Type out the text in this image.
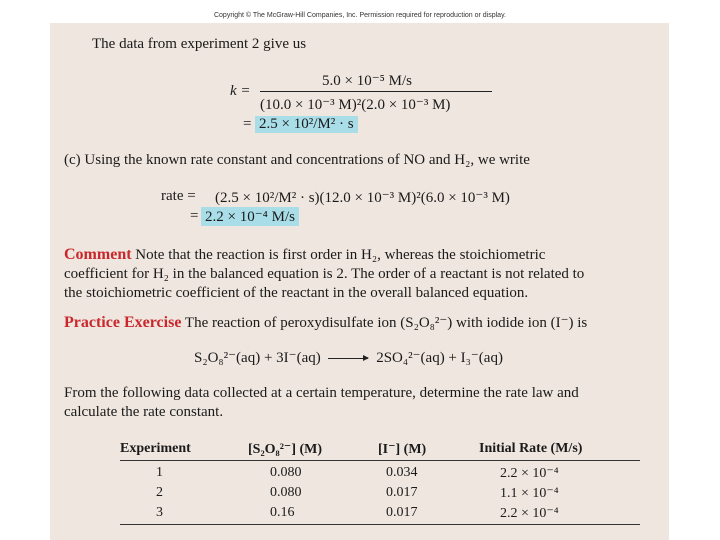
Copyright © The McGraw-Hill Companies, Inc. Permission required for reproduction or display.
The data from experiment 2 give us
k =
5.0 × 10⁻⁵ M/s
(10.0 × 10⁻³ M)²(2.0 × 10⁻³ M)
= 2.5 × 10²/M² · s
(c) Using the known rate constant and concentrations of NO and H₂, we write
rate = (2.5 × 10²/M² · s)(12.0 × 10⁻³ M)²(6.0 × 10⁻³ M)
= 2.2 × 10⁻⁴ M/s
Comment Note that the reaction is first order in H₂, whereas the stoichiometric
coefficient for H₂ in the balanced equation is 2. The order of a reactant is not related to
the stoichiometric coefficient of the reactant in the overall balanced equation.
Practice Exercise The reaction of peroxydisulfate ion (S₂O₈²⁻) with iodide ion (I⁻) is
S₂O₈²⁻(aq) + 3I⁻(aq) → 2SO₄²⁻(aq) + I₃⁻(aq)
From the following data collected at a certain temperature, determine the rate law and
calculate the rate constant.
Experiment	[S₂O₈²⁻] (M)	[I⁻] (M)	Initial Rate (M/s)
1	0.080	0.034	2.2 × 10⁻⁴
2	0.080	0.017	1.1 × 10⁻⁴
3	0.16	0.017	2.2 × 10⁻⁴
